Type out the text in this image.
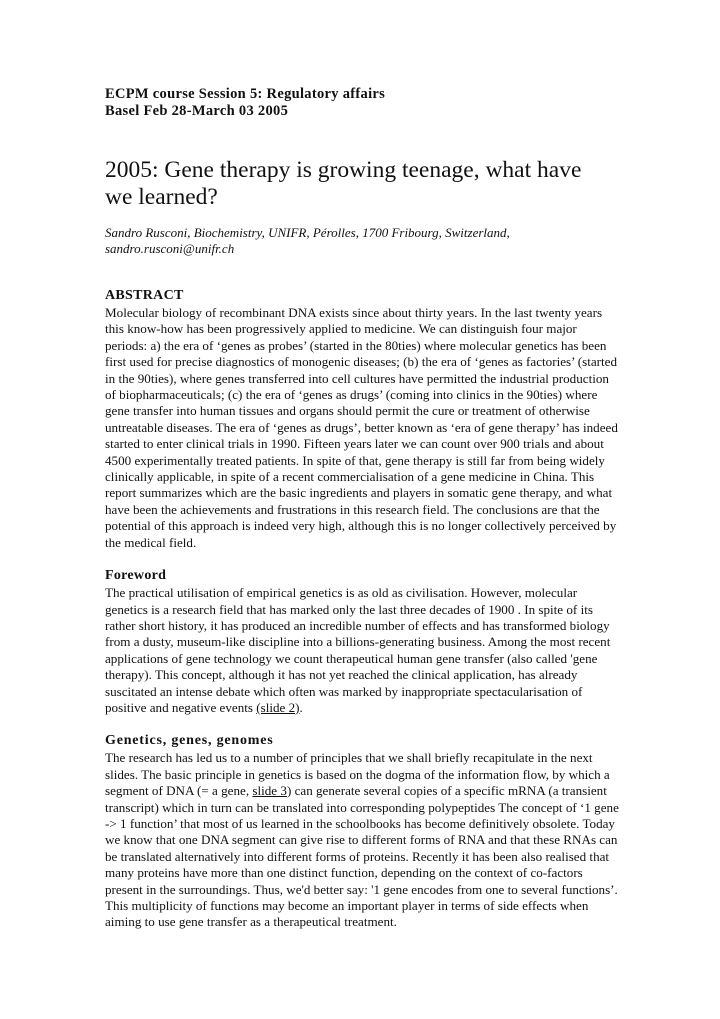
ECPM course Session 5: Regulatory affairs
Basel Feb 28-March 03 2005
2005: Gene therapy is growing teenage, what have
we learned?
Sandro Rusconi, Biochemistry, UNIFR, Pérolles, 1700 Fribourg, Switzerland,
sandro.rusconi@unifr.ch
ABSTRACT
Molecular biology of recombinant DNA exists since about thirty years. In the last twenty years this know-how has been progressively applied to medicine. We can distinguish four major periods: a) the era of ‘genes as probes’ (started in the 80ties) where molecular genetics has been first used for precise diagnostics of monogenic diseases; (b) the era of ‘genes as factories’ (started in the 90ties), where genes transferred into cell cultures have permitted the industrial production of biopharmaceuticals; (c) the era of ‘genes as drugs’ (coming into clinics in the 90ties) where gene transfer into human tissues and organs should permit the cure or treatment of otherwise untreatable diseases. The era of ‘genes as drugs’, better known as ‘era of gene therapy’ has indeed started to enter clinical trials in 1990. Fifteen years later we can count over 900 trials and about 4500 experimentally treated patients. In spite of that, gene therapy is still far from being widely clinically applicable, in spite of a recent commercialisation of a gene medicine in China. This report summarizes which are the basic ingredients and players in somatic gene therapy, and what have been the achievements and frustrations in this research field. The conclusions are that the potential of this approach is indeed very high, although this is no longer collectively perceived by the medical field.
Foreword
The practical utilisation of empirical genetics is as old as civilisation. However, molecular genetics is a research field that has marked only the last three decades of 1900 . In spite of its rather short history, it has produced an incredible number of effects and has transformed biology from a dusty, museum-like discipline into a billions-generating business. Among the most recent applications of gene technology we count therapeutical human gene transfer (also called 'gene therapy). This concept, although it has not yet reached the clinical application, has already suscitated an intense debate which often was marked by inappropriate spectacularisation of positive and negative events (slide 2).
Genetics, genes, genomes
The research has led us to a number of principles that we shall briefly recapitulate in the next slides. The basic principle in genetics is based on the dogma of the information flow, by which a segment of DNA (= a gene, slide 3) can generate several copies of a specific mRNA (a transient transcript) which in turn can be translated into corresponding polypeptides The concept of ‘1 gene -> 1 function’ that most of us learned in the schoolbooks has become definitively obsolete. Today we know that one DNA segment can give rise to different forms of RNA and that these RNAs can be translated alternatively into different forms of proteins. Recently it has been also realised that many proteins have more than one distinct function, depending on the context of co-factors present in the surroundings. Thus, we'd better say: '1 gene encodes from one to several functions’. This multiplicity of functions may become an important player in terms of side effects when aiming to use gene transfer as a therapeutical treatment.
